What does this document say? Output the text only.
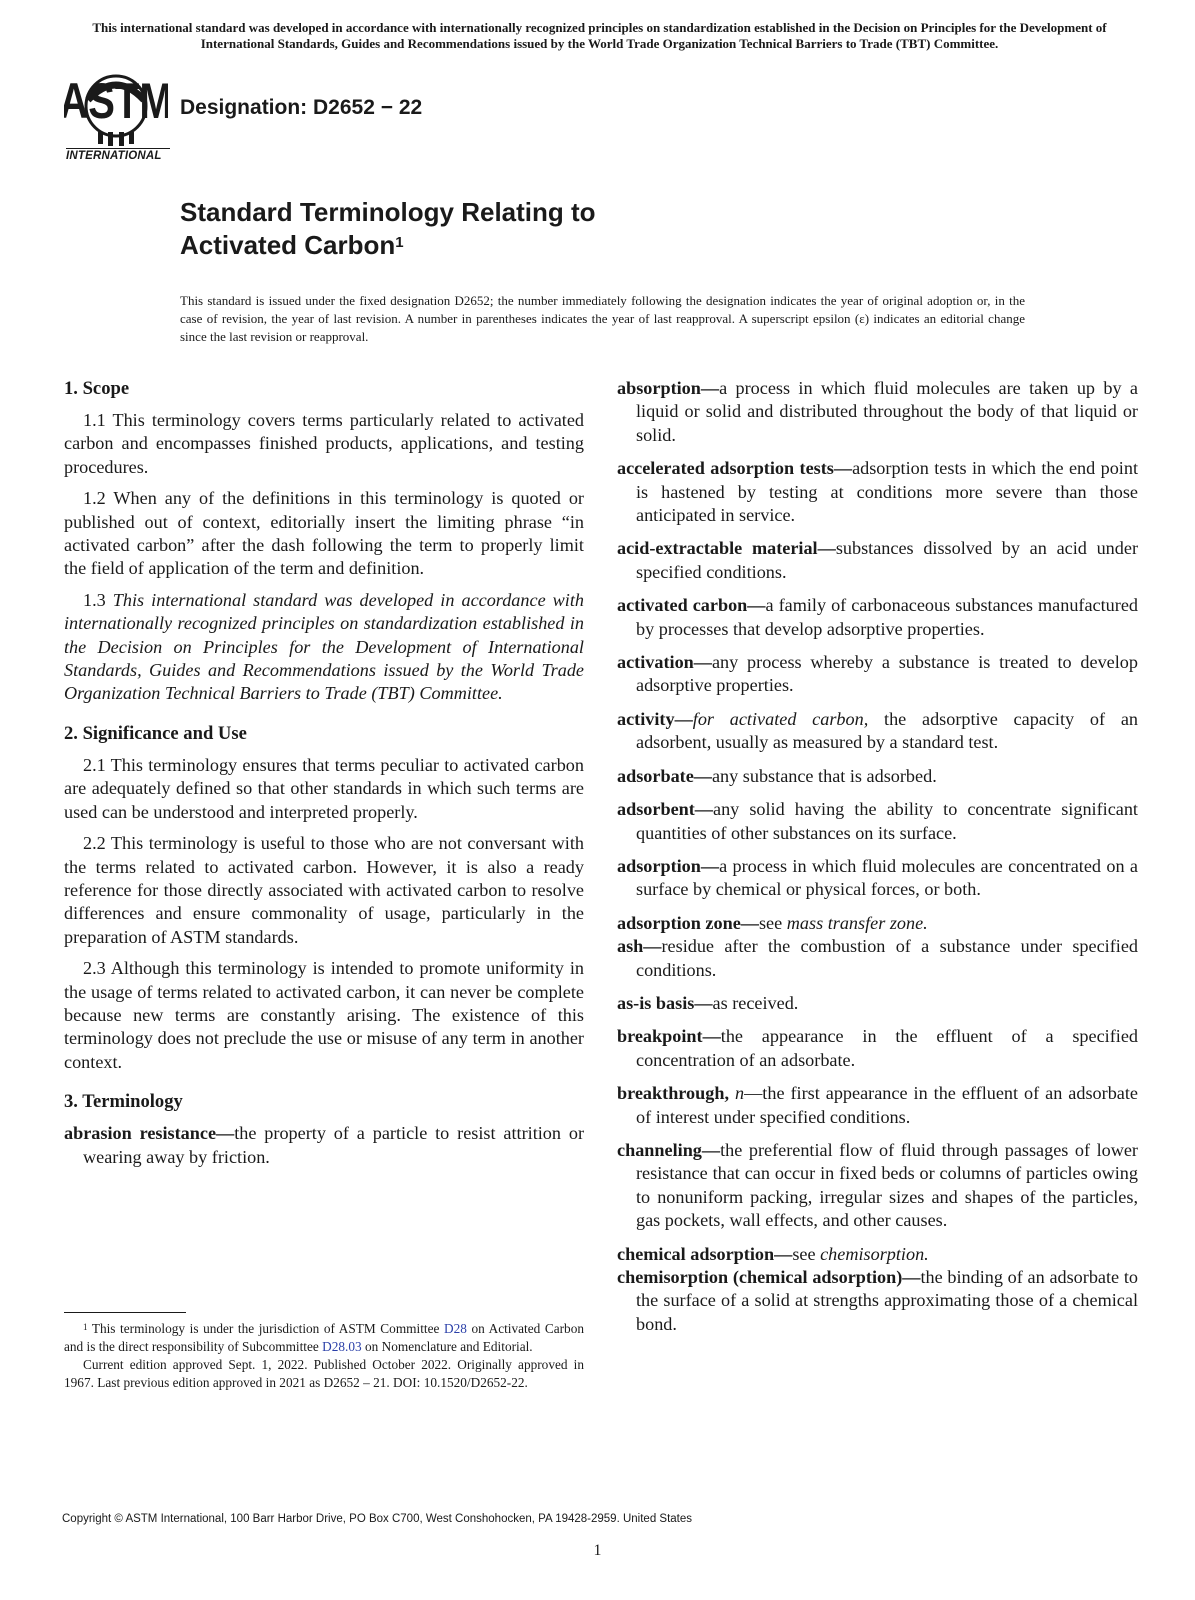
This international standard was developed in accordance with internationally recognized principles on standardization established in the Decision on Principles for the Development of International Standards, Guides and Recommendations issued by the World Trade Organization Technical Barriers to Trade (TBT) Committee.
ASTM
INTERNATIONAL
Designation: D2652 − 22
Standard Terminology Relating to
Activated Carbon$^1$
This standard is issued under the fixed designation D2652; the number immediately following the designation indicates the year of original adoption or, in the case of revision, the year of last revision. A number in parentheses indicates the year of last reapproval. A superscript epsilon (ε) indicates an editorial change since the last revision or reapproval.
1. Scope

1.1 This terminology covers terms particularly related to activated carbon and encompasses finished products, applications, and testing procedures.

1.2 When any of the definitions in this terminology is quoted or published out of context, editorially insert the limiting phrase “in activated carbon” after the dash following the term to properly limit the field of application of the term and definition.

1.3 This international standard was developed in accordance with internationally recognized principles on standardization established in the Decision on Principles for the Development of International Standards, Guides and Recommendations issued by the World Trade Organization Technical Barriers to Trade (TBT) Committee.

2. Significance and Use

2.1 This terminology ensures that terms peculiar to activated carbon are adequately defined so that other standards in which such terms are used can be understood and interpreted properly.

2.2 This terminology is useful to those who are not conversant with the terms related to activated carbon. However, it is also a ready reference for those directly associated with activated carbon to resolve differences and ensure commonality of usage, particularly in the preparation of ASTM standards.

2.3 Although this terminology is intended to promote uniformity in the usage of terms related to activated carbon, it can never be complete because new terms are constantly arising. The existence of this terminology does not preclude the use or misuse of any term in another context.

3. Terminology
abrasion resistance—the property of a particle to resist attrition or wearing away by friction.
absorption—a process in which fluid molecules are taken up by a liquid or solid and distributed throughout the body of that liquid or solid.
accelerated adsorption tests—adsorption tests in which the end point is hastened by testing at conditions more severe than those anticipated in service.
acid-extractable material—substances dissolved by an acid under specified conditions.
activated carbon—a family of carbonaceous substances manufactured by processes that develop adsorptive properties.
activation—any process whereby a substance is treated to develop adsorptive properties.
activity—for activated carbon, the adsorptive capacity of an adsorbent, usually as measured by a standard test.
adsorbate—any substance that is adsorbed.
adsorbent—any solid having the ability to concentrate significant quantities of other substances on its surface.
adsorption—a process in which fluid molecules are concentrated on a surface by chemical or physical forces, or both.
adsorption zone—see mass transfer zone.
ash—residue after the combustion of a substance under specified conditions.
as-is basis—as received.
breakpoint—the appearance in the effluent of a specified concentration of an adsorbate.
breakthrough, n—the first appearance in the effluent of an adsorbate of interest under specified conditions.
channeling—the preferential flow of fluid through passages of lower resistance that can occur in fixed beds or columns of particles owing to nonuniform packing, irregular sizes and shapes of the particles, gas pockets, wall effects, and other causes.
chemical adsorption—see chemisorption.
chemisorption (chemical adsorption)—the binding of an adsorbate to the surface of a solid at strengths approximating those of a chemical bond.

$^1$ This terminology is under the jurisdiction of ASTM Committee D28 on Activated Carbon and is the direct responsibility of Subcommittee D28.03 on Nomenclature and Editorial.

Current edition approved Sept. 1, 2022. Published October 2022. Originally approved in 1967. Last previous edition approved in 2021 as D2652 – 21. DOI: 10.1520/D2652-22.

Copyright © ASTM International, 100 Barr Harbor Drive, PO Box C700, West Conshohocken, PA 19428-2959. United States
1
